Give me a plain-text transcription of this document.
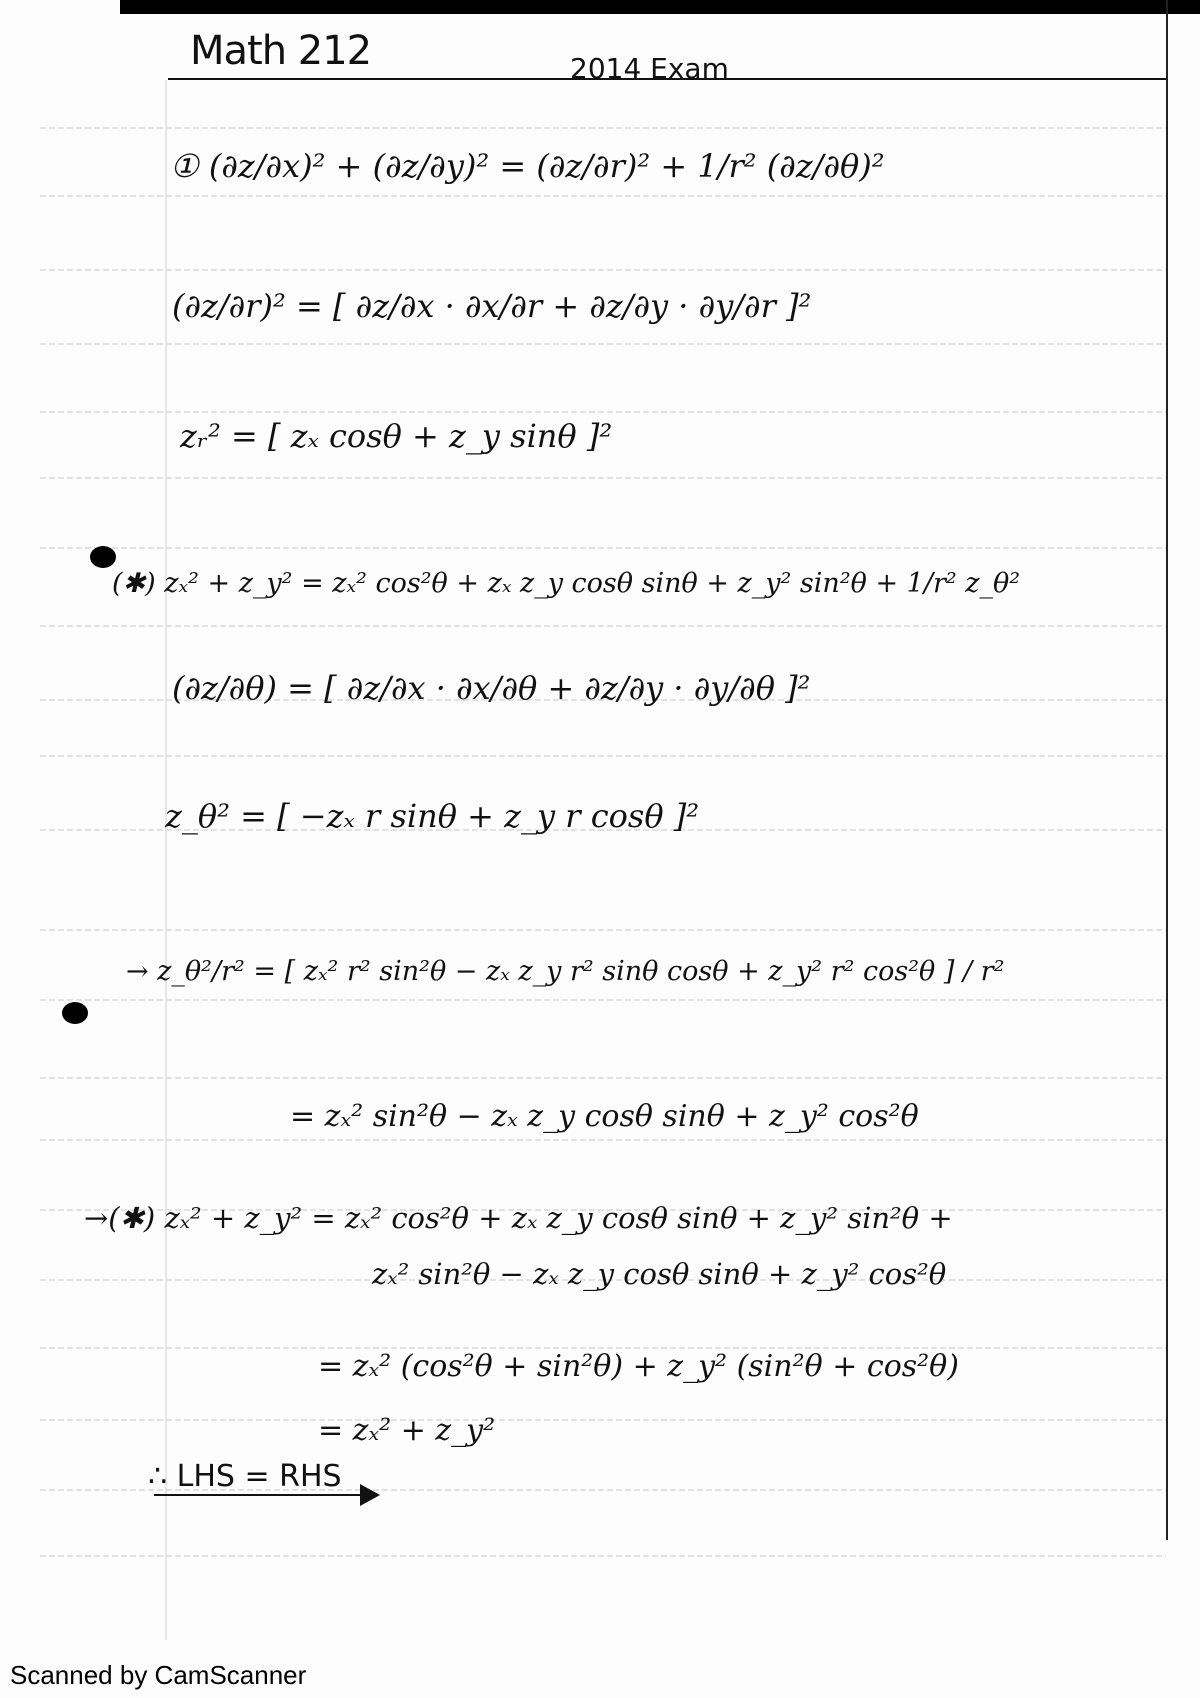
Math 212	2014 Exam
① (∂z/∂x)² + (∂z/∂y)² = (∂z/∂r)² + 1/r² (∂z/∂θ)²
(∂z/∂r)² = [ ∂z/∂x · ∂x/∂r + ∂z/∂y · ∂y/∂r ]²
zᵣ² = [ zₓ cosθ + z_y sinθ ]²
(✱) zₓ² + z_y² = zₓ² cos²θ + zₓ z_y cosθ sinθ + z_y² sin²θ + 1/r² z_θ²
(∂z/∂θ) = [ ∂z/∂x · ∂x/∂θ + ∂z/∂y · ∂y/∂θ ]²
z_θ² = [ −zₓ r sinθ + z_y r cosθ ]²
→ z_θ²/r² = [ zₓ² r² sin²θ − zₓ z_y r² sinθ cosθ + z_y² r² cos²θ ] / r²
= zₓ² sin²θ − zₓ z_y cosθ sinθ + z_y² cos²θ
→(✱) zₓ² + z_y² = zₓ² cos²θ + zₓ z_y cosθ sinθ + z_y² sin²θ +
zₓ² sin²θ − zₓ z_y cosθ sinθ + z_y² cos²θ
= zₓ² (cos²θ + sin²θ) + z_y² (sin²θ + cos²θ)
= zₓ² + z_y²
∴ LHS = RHS
Scanned by CamScanner
